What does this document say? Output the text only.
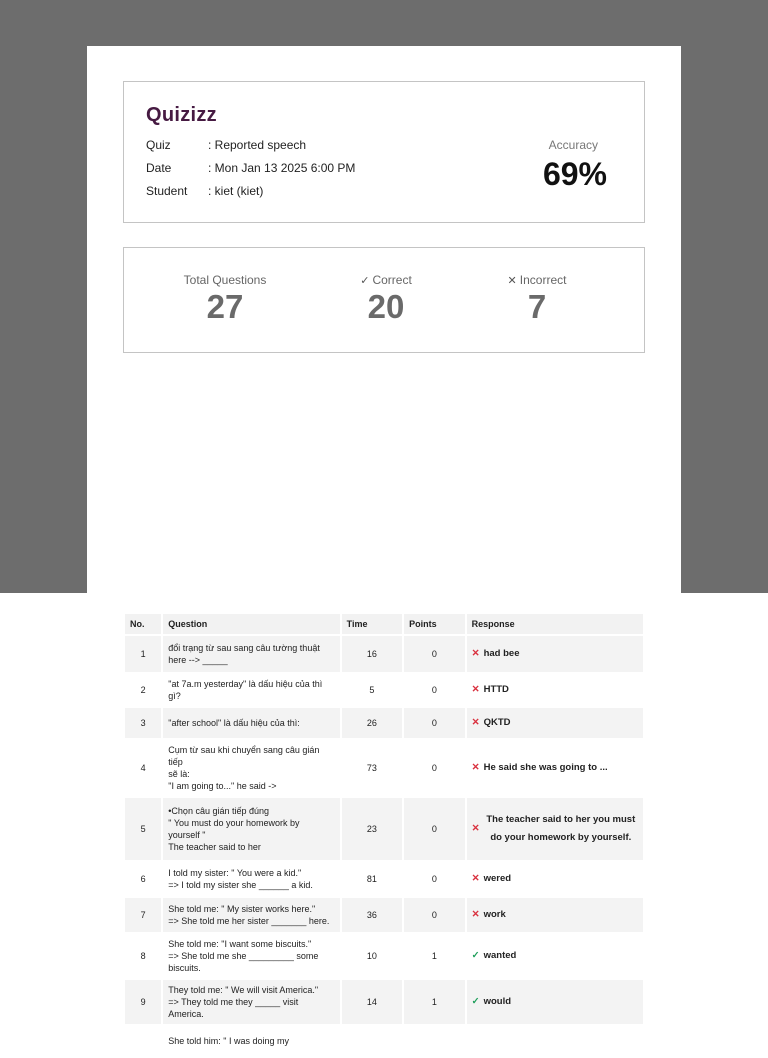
Quizizz
Quiz	: Reported speech
Date	: Mon Jan 13 2025 6:00 PM
Student : kiet (kiet)
Accuracy
69%
Total Questions
27
✓ Correct
20
✕ Incorrect
7
No.	Question	Time	Points	Response
1	đổi trạng từ sau sang câu tường thuật
here --> _____	16	0	✕ had bee

2	"at 7a.m yesterday" là dấu hiệu của thì gì?	5	0	✕ HTTD

3	"after school" là dấu hiệu của thì:	26	0	✕ QKTD

4	Cụm từ sau khi chuyển sang câu gián tiếp
sẽ là:
"I am going to..." he said ->	73	0	✕ He said she was going to ...

5	•Chọn câu gián tiếp đúng
" You must do your homework by
yourself "
The teacher said to her	23	0	✕
The teacher said to her you must do your homework by yourself.

6	I told my sister: " You were a kid."
=> I told my sister she ______ a kid.	81	0	✕ wered

7	She told me: " My sister works here."
=> She told me her sister _______ here.	36	0	✕ work

8	She told me: "I want some biscuits."
=> She told me she _________ some
biscuits.	10	1	✓ wanted

9	They told me: " We will visit America."
=> They told me they _____ visit America.	14	1	✓ would

	She told him: " I was doing my			
